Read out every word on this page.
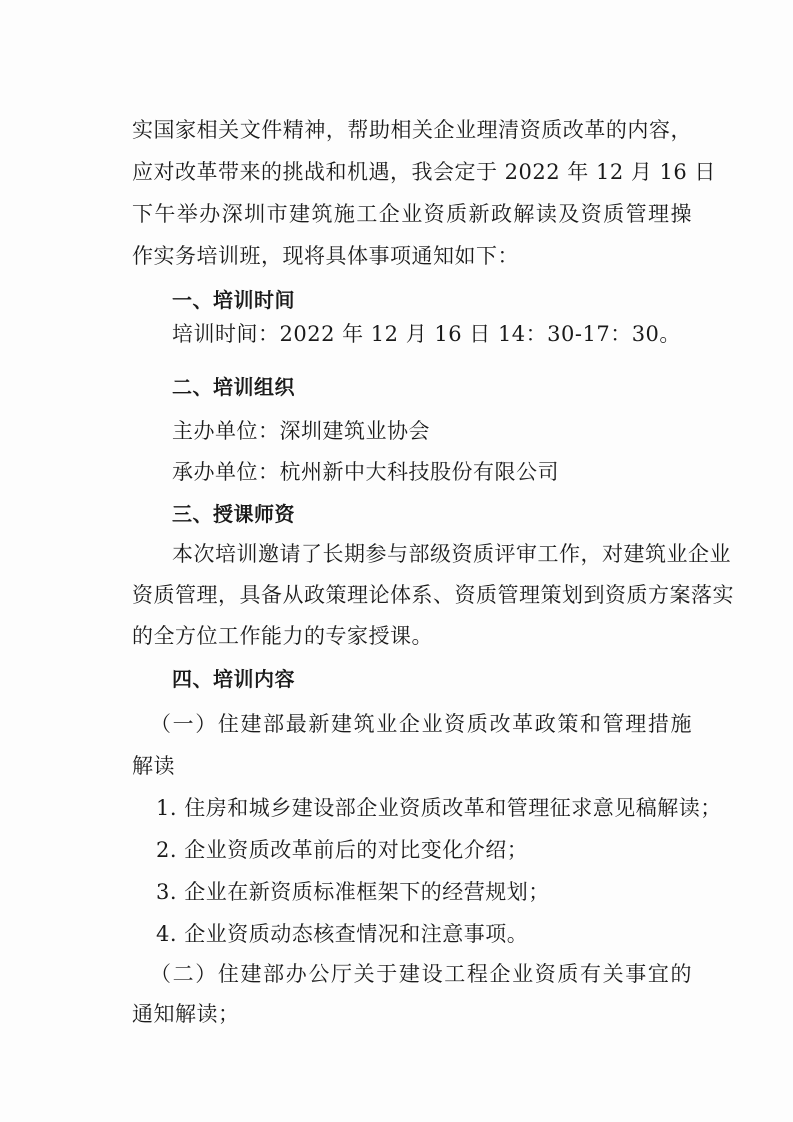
实国家相关文件精神，帮助相关企业理清资质改革的内容，
应对改革带来的挑战和机遇，我会定于 2022 年 12 月 16 日
下午举办深圳市建筑施工企业资质新政解读及资质管理操
作实务培训班，现将具体事项通知如下：
一、培训时间
培训时间：2022 年 12 月 16 日 14：30-17：30。
二、培训组织
主办单位：深圳建筑业协会
承办单位：杭州新中大科技股份有限公司
三、授课师资
本次培训邀请了长期参与部级资质评审工作，对建筑业企业
资质管理，具备从政策理论体系、资质管理策划到资质方案落实
的全方位工作能力的专家授课。
四、培训内容
（一）住建部最新建筑业企业资质改革政策和管理措施
解读
1. 住房和城乡建设部企业资质改革和管理征求意见稿解读；
2. 企业资质改革前后的对比变化介绍；
3. 企业在新资质标准框架下的经营规划；
4. 企业资质动态核查情况和注意事项。
（二）住建部办公厅关于建设工程企业资质有关事宜的
通知解读；
